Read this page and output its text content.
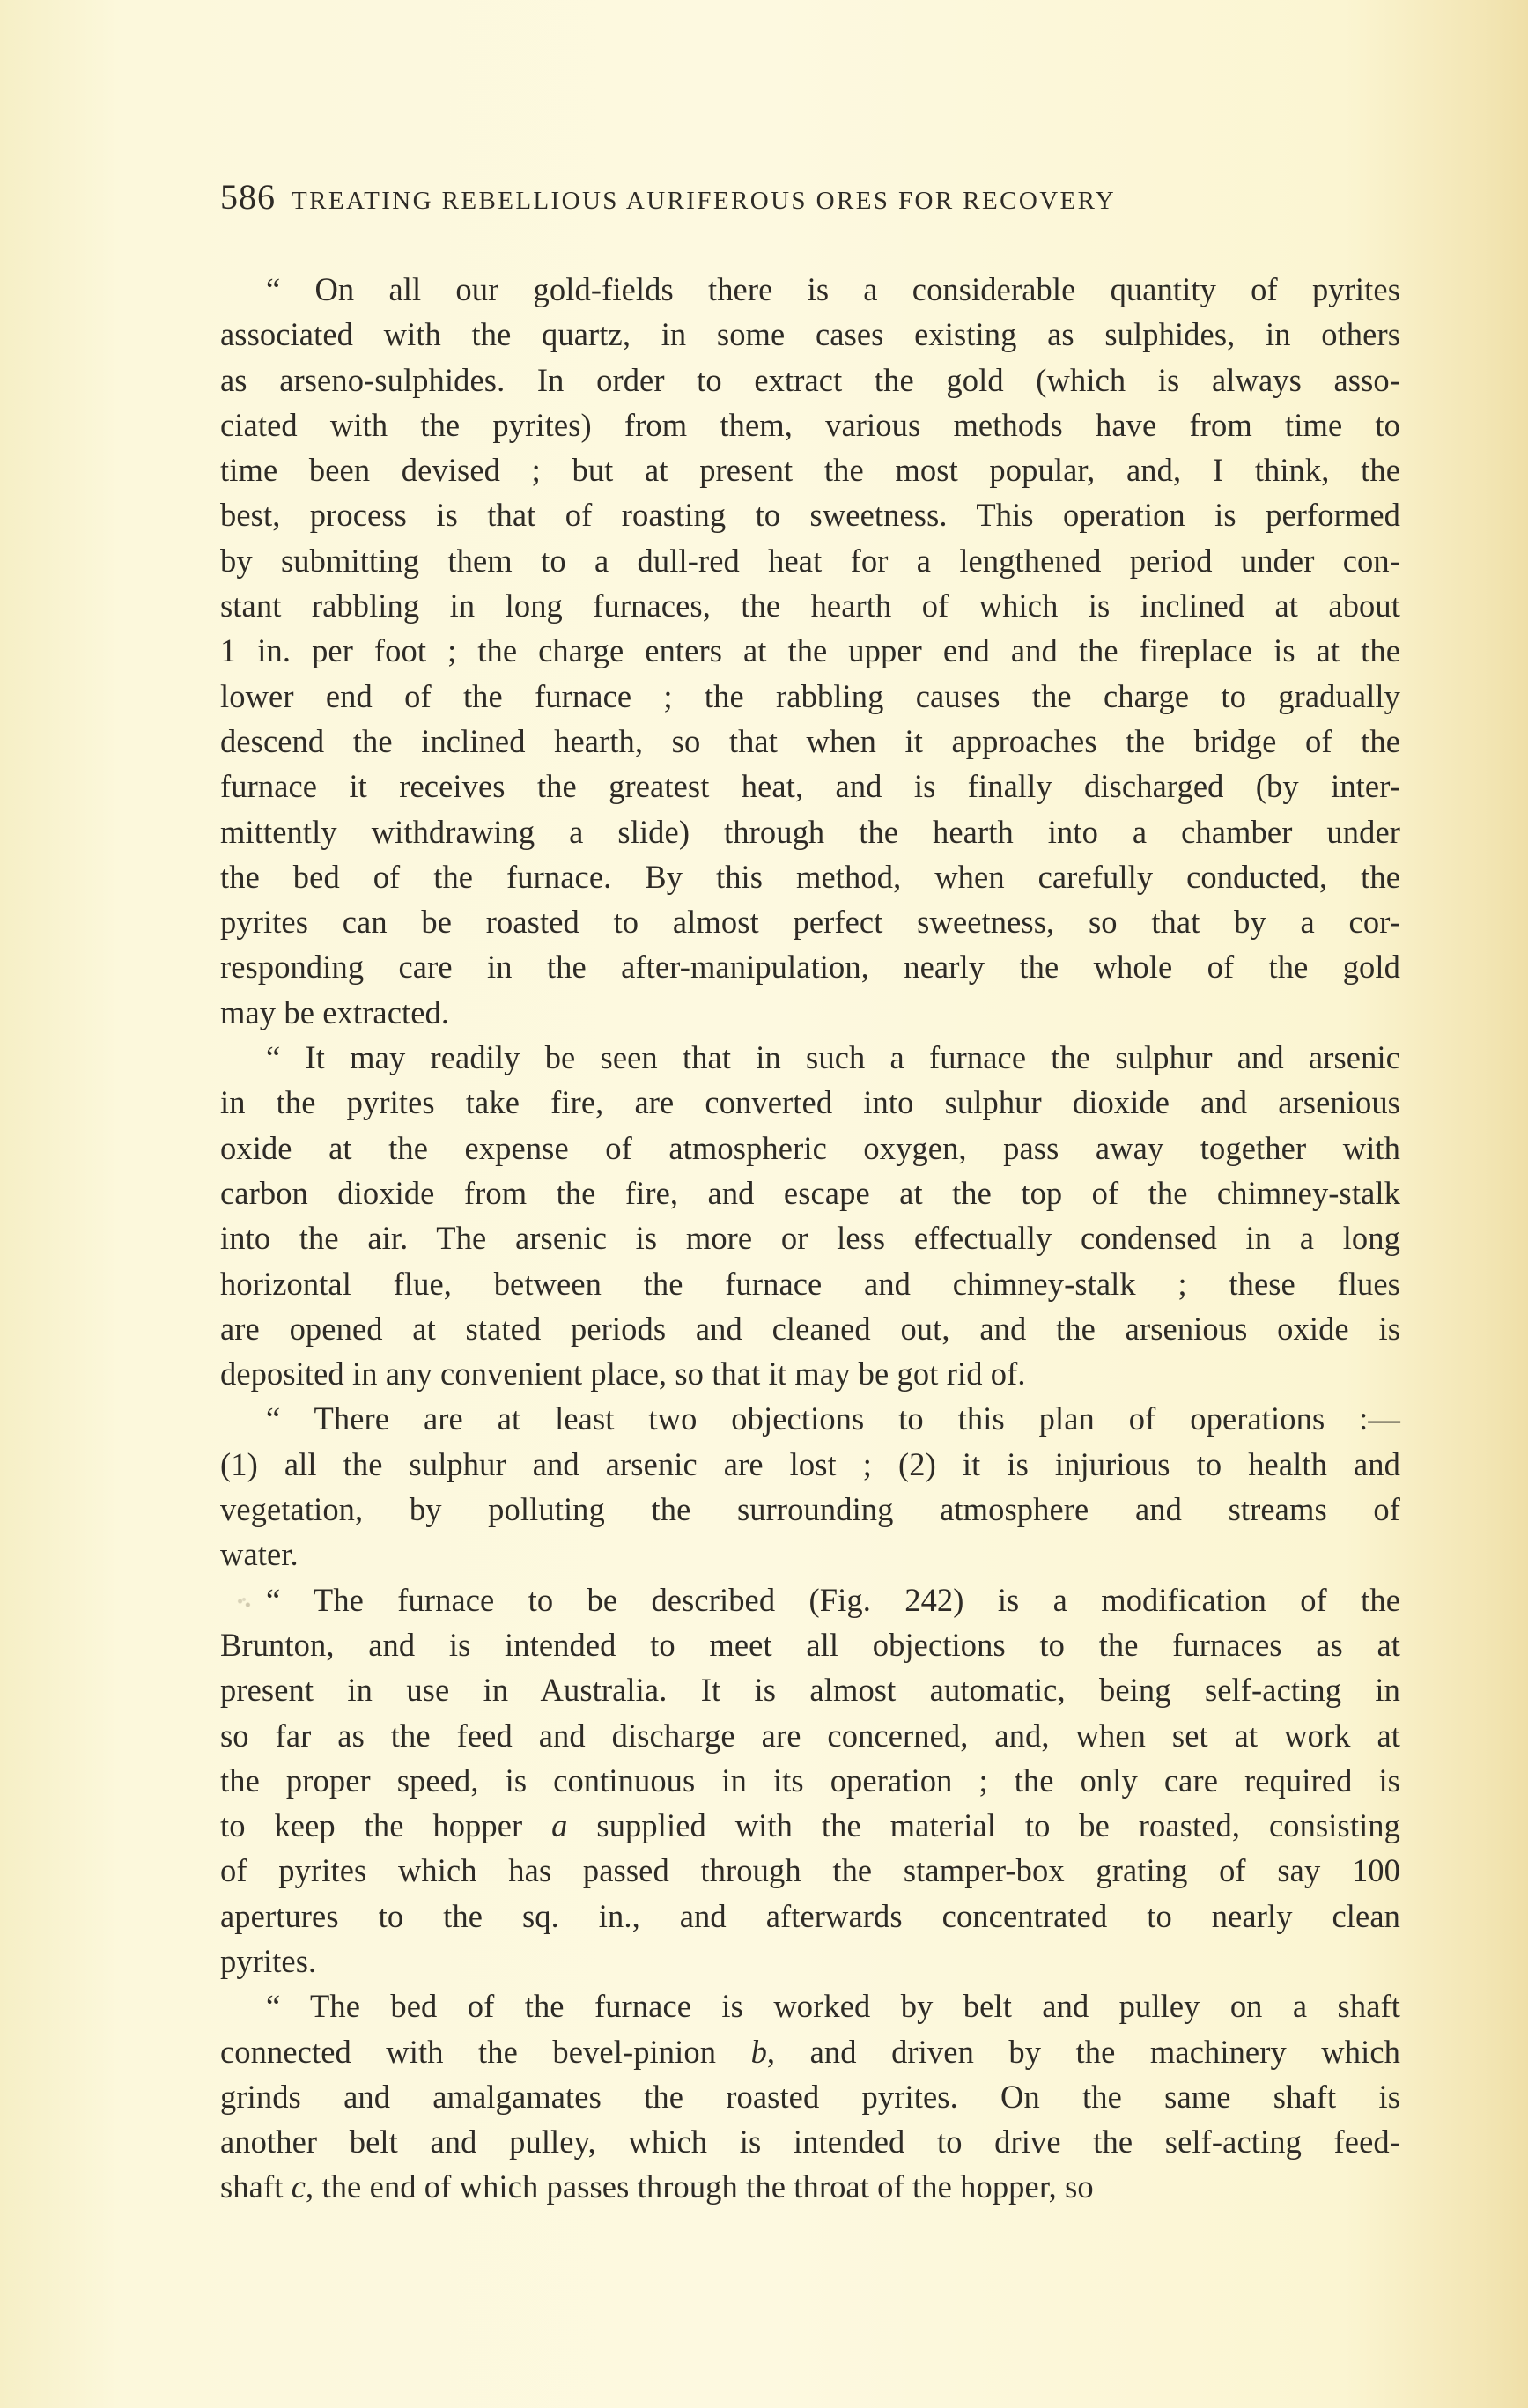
586 TREATING REBELLIOUS AURIFEROUS ORES FOR RECOVERY

“ On all our gold-fields there is a considerable quantity of pyrites
associated with the quartz, in some cases existing as sulphides, in others
as arseno-sulphides. In order to extract the gold (which is always asso-
ciated with the pyrites) from them, various methods have from time to
time been devised ; but at present the most popular, and, I think, the
best, process is that of roasting to sweetness. This operation is performed
by submitting them to a dull-red heat for a lengthened period under con-
stant rabbling in long furnaces, the hearth of which is inclined at about
1 in. per foot ; the charge enters at the upper end and the fireplace is at the
lower end of the furnace ; the rabbling causes the charge to gradually
descend the inclined hearth, so that when it approaches the bridge of the
furnace it receives the greatest heat, and is finally discharged (by inter-
mittently withdrawing a slide) through the hearth into a chamber under
the bed of the furnace. By this method, when carefully conducted, the
pyrites can be roasted to almost perfect sweetness, so that by a cor-
responding care in the after-manipulation, nearly the whole of the gold
may be extracted.

“ It may readily be seen that in such a furnace the sulphur and arsenic
in the pyrites take fire, are converted into sulphur dioxide and arsenious
oxide at the expense of atmospheric oxygen, pass away together with
carbon dioxide from the fire, and escape at the top of the chimney-stalk
into the air. The arsenic is more or less effectually condensed in a long
horizontal flue, between the furnace and chimney-stalk ; these flues
are opened at stated periods and cleaned out, and the arsenious oxide is
deposited in any convenient place, so that it may be got rid of.

“ There are at least two objections to this plan of operations :—
(1) all the sulphur and arsenic are lost ; (2) it is injurious to health and
vegetation, by polluting the surrounding atmosphere and streams of
water.

“ The furnace to be described (Fig. 242) is a modification of the
Brunton, and is intended to meet all objections to the furnaces as at
present in use in Australia. It is almost automatic, being self-acting in
so far as the feed and discharge are concerned, and, when set at work at
the proper speed, is continuous in its operation ; the only care required is
to keep the hopper a supplied with the material to be roasted, consisting
of pyrites which has passed through the stamper-box grating of say 100
apertures to the sq. in., and afterwards concentrated to nearly clean
pyrites.

“ The bed of the furnace is worked by belt and pulley on a shaft
connected with the bevel-pinion b, and driven by the machinery which
grinds and amalgamates the roasted pyrites. On the same shaft is
another belt and pulley, which is intended to drive the self-acting feed-
shaft c, the end of which passes through the throat of the hopper, so
